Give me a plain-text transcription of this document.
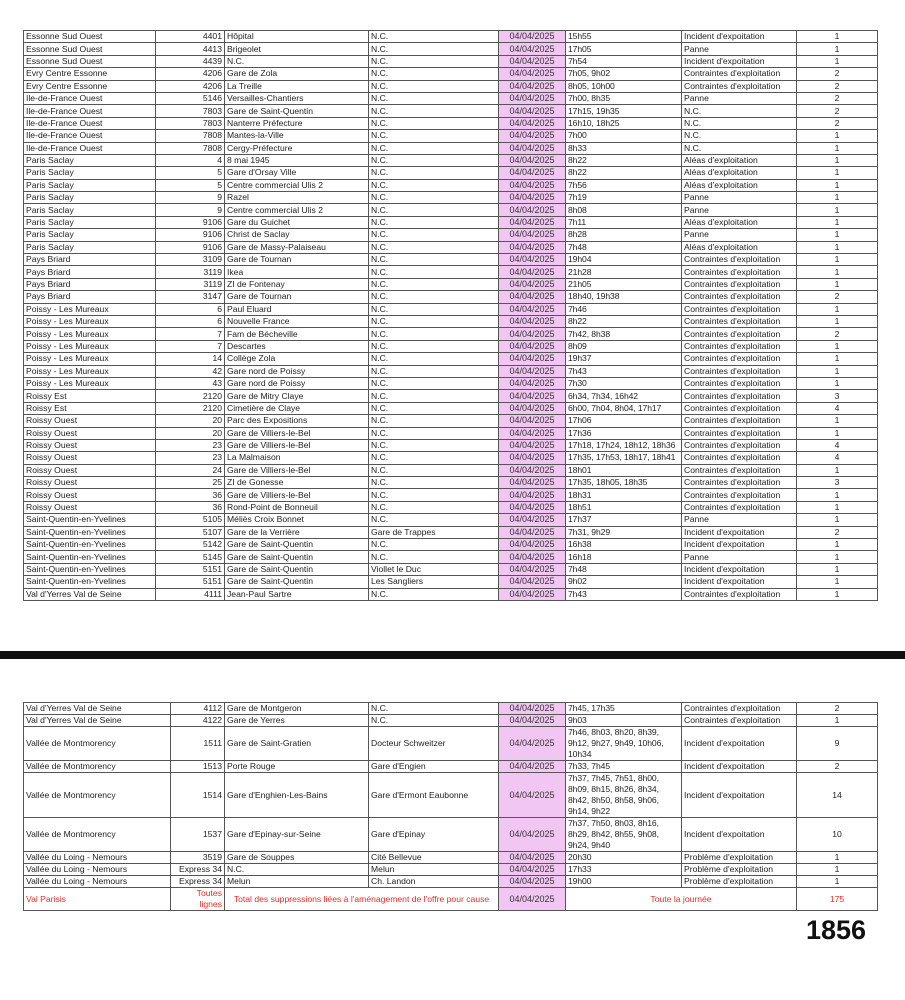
Essonne Sud Ouest	4401	Hôpital	N.C.	04/04/2025	15h55	Incident d'expoitation	1
Essonne Sud Ouest	4413	Brigeolet	N.C.	04/04/2025	17h05	Panne	1
Essonne Sud Ouest	4439	N.C.	N.C.	04/04/2025	7h54	Incident d'expoitation	1
Evry Centre Essonne	4206	Gare de Zola	N.C.	04/04/2025	7h05, 9h02	Contraintes d'exploitation	2
Evry Centre Essonne	4206	La Treille	N.C.	04/04/2025	8h05, 10h00	Contraintes d'exploitation	2
Ile-de-France Ouest	5146	Versailles-Chantiers	N.C.	04/04/2025	7h00, 8h35	Panne	2
Ile-de-France Ouest	7803	Gare de Saint-Quentin	N.C.	04/04/2025	17h15, 19h35	N.C.	2
Ile-de-France Ouest	7803	Nanterre Préfecture	N.C.	04/04/2025	16h10, 18h25	N.C.	2
Ile-de-France Ouest	7808	Mantes-la-Ville	N.C.	04/04/2025	7h00	N.C.	1
Ile-de-France Ouest	7808	Cergy-Préfecture	N.C.	04/04/2025	8h33	N.C.	1
Paris Saclay	4	8 mai 1945	N.C.	04/04/2025	8h22	Aléas d'exploitation	1
Paris Saclay	5	Gare d'Orsay Ville	N.C.	04/04/2025	8h22	Aléas d'exploitation	1
Paris Saclay	5	Centre commercial Ulis 2	N.C.	04/04/2025	7h56	Aléas d'exploitation	1
Paris Saclay	9	Razel	N.C.	04/04/2025	7h19	Panne	1
Paris Saclay	9	Centre commercial Ulis 2	N.C.	04/04/2025	8h08	Panne	1
Paris Saclay	9106	Gare du Guichet	N.C.	04/04/2025	7h11	Aléas d'exploitation	1
Paris Saclay	9106	Christ de Saclay	N.C.	04/04/2025	8h28	Panne	1
Paris Saclay	9106	Gare de Massy-Palaiseau	N.C.	04/04/2025	7h48	Aléas d'exploitation	1
Pays Briard	3109	Gare de Tournan	N.C.	04/04/2025	19h04	Contraintes d'exploitation	1
Pays Briard	3119	Ikea	N.C.	04/04/2025	21h28	Contraintes d'exploitation	1
Pays Briard	3119	ZI de Fontenay	N.C.	04/04/2025	21h05	Contraintes d'exploitation	1
Pays Briard	3147	Gare de Tournan	N.C.	04/04/2025	18h40, 19h38	Contraintes d'exploitation	2
Poissy - Les Mureaux	6	Paul Eluard	N.C.	04/04/2025	7h46	Contraintes d'exploitation	1
Poissy - Les Mureaux	6	Nouvelle France	N.C.	04/04/2025	8h22	Contraintes d'exploitation	1
Poissy - Les Mureaux	7	Fam de Bécheville	N.C.	04/04/2025	7h42, 8h38	Contraintes d'exploitation	2
Poissy - Les Mureaux	7	Descartes	N.C.	04/04/2025	8h09	Contraintes d'exploitation	1
Poissy - Les Mureaux	14	Collège Zola	N.C.	04/04/2025	19h37	Contraintes d'exploitation	1
Poissy - Les Mureaux	42	Gare nord de Poissy	N.C.	04/04/2025	7h43	Contraintes d'exploitation	1
Poissy - Les Mureaux	43	Gare nord de Poissy	N.C.	04/04/2025	7h30	Contraintes d'exploitation	1
Roissy Est	2120	Gare de Mitry Claye	N.C.	04/04/2025	6h34, 7h34, 16h42	Contraintes d'exploitation	3
Roissy Est	2120	Cimetière de Claye	N.C.	04/04/2025	6h00, 7h04, 8h04, 17h17	Contraintes d'exploitation	4
Roissy Ouest	20	Parc des Expositions	N.C.	04/04/2025	17h06	Contraintes d'exploitation	1
Roissy Ouest	20	Gare de Villiers-le-Bel	N.C.	04/04/2025	17h36	Contraintes d'exploitation	1
Roissy Ouest	23	Gare de Villiers-le-Bel	N.C.	04/04/2025	17h18, 17h24, 18h12, 18h36	Contraintes d'exploitation	4
Roissy Ouest	23	La Malmaison	N.C.	04/04/2025	17h35, 17h53, 18h17, 18h41	Contraintes d'exploitation	4
Roissy Ouest	24	Gare de Villiers-le-Bel	N.C.	04/04/2025	18h01	Contraintes d'exploitation	1
Roissy Ouest	25	ZI de Gonesse	N.C.	04/04/2025	17h35, 18h05, 18h35	Contraintes d'exploitation	3
Roissy Ouest	36	Gare de Villiers-le-Bel	N.C.	04/04/2025	18h31	Contraintes d'exploitation	1
Roissy Ouest	36	Rond-Point de Bonneuil	N.C.	04/04/2025	18h51	Contraintes d'exploitation	1
Saint-Quentin-en-Yvelines	5105	Méliès Croix Bonnet	N.C.	04/04/2025	17h37	Panne	1
Saint-Quentin-en-Yvelines	5107	Gare de la Verrière	Gare de Trappes	04/04/2025	7h31, 9h29	Incident d'expoitation	2
Saint-Quentin-en-Yvelines	5142	Gare de Saint-Quentin	N.C.	04/04/2025	16h38	Incident d'expoitation	1
Saint-Quentin-en-Yvelines	5145	Gare de Saint-Quentin	N.C.	04/04/2025	16h18	Panne	1
Saint-Quentin-en-Yvelines	5151	Gare de Saint-Quentin	Viollet le Duc	04/04/2025	7h48	Incident d'expoitation	1
Saint-Quentin-en-Yvelines	5151	Gare de Saint-Quentin	Les Sangliers	04/04/2025	9h02	Incident d'expoitation	1
Val d'Yerres Val de Seine	4111	Jean-Paul Sartre	N.C.	04/04/2025	7h43	Contraintes d'exploitation	1
Val d'Yerres Val de Seine	4112	Gare de Montgeron	N.C.	04/04/2025	7h45, 17h35	Contraintes d'exploitation	2
Val d'Yerres Val de Seine	4122	Gare de Yerres	N.C.	04/04/2025	9h03	Contraintes d'exploitation	1
Vallée de Montmorency	1511	Gare de Saint-Gratien	Docteur Schweitzer	04/04/2025	7h46, 8h03, 8h20, 8h39, 9h12, 9h27, 9h49, 10h06, 10h34	Incident d'expoitation	9
Vallée de Montmorency	1513	Porte Rouge	Gare d'Engien	04/04/2025	7h33, 7h45	Incident d'expoitation	2
Vallée de Montmorency	1514	Gare d'Enghien-Les-Bains	Gare d'Ermont Eaubonne	04/04/2025	7h37, 7h45, 7h51, 8h00, 8h09, 8h15, 8h26, 8h34, 8h42, 8h50, 8h58, 9h06, 9h14, 9h22	Incident d'expoitation	14
Vallée de Montmorency	1537	Gare d'Epinay-sur-Seine	Gare d'Epinay	04/04/2025	7h37, 7h50, 8h03, 8h16, 8h29, 8h42, 8h55, 9h08, 9h24, 9h40	Incident d'expoitation	10
Vallée du Loing - Nemours	3519	Gare de Souppes	Cité Bellevue	04/04/2025	20h30	Problème d'exploitation	1
Vallée du Loing - Nemours	Express 34	N.C.	Melun	04/04/2025	17h33	Problème d'exploitation	1
Vallée du Loing - Nemours	Express 34	Melun	Ch. Landon	04/04/2025	19h00	Problème d'exploitation	1
Val Parisis	Toutes lignes	Total des suppressions liées à l'aménagement de l'offre pour cause		04/04/2025	Toute la journée		175
1856
